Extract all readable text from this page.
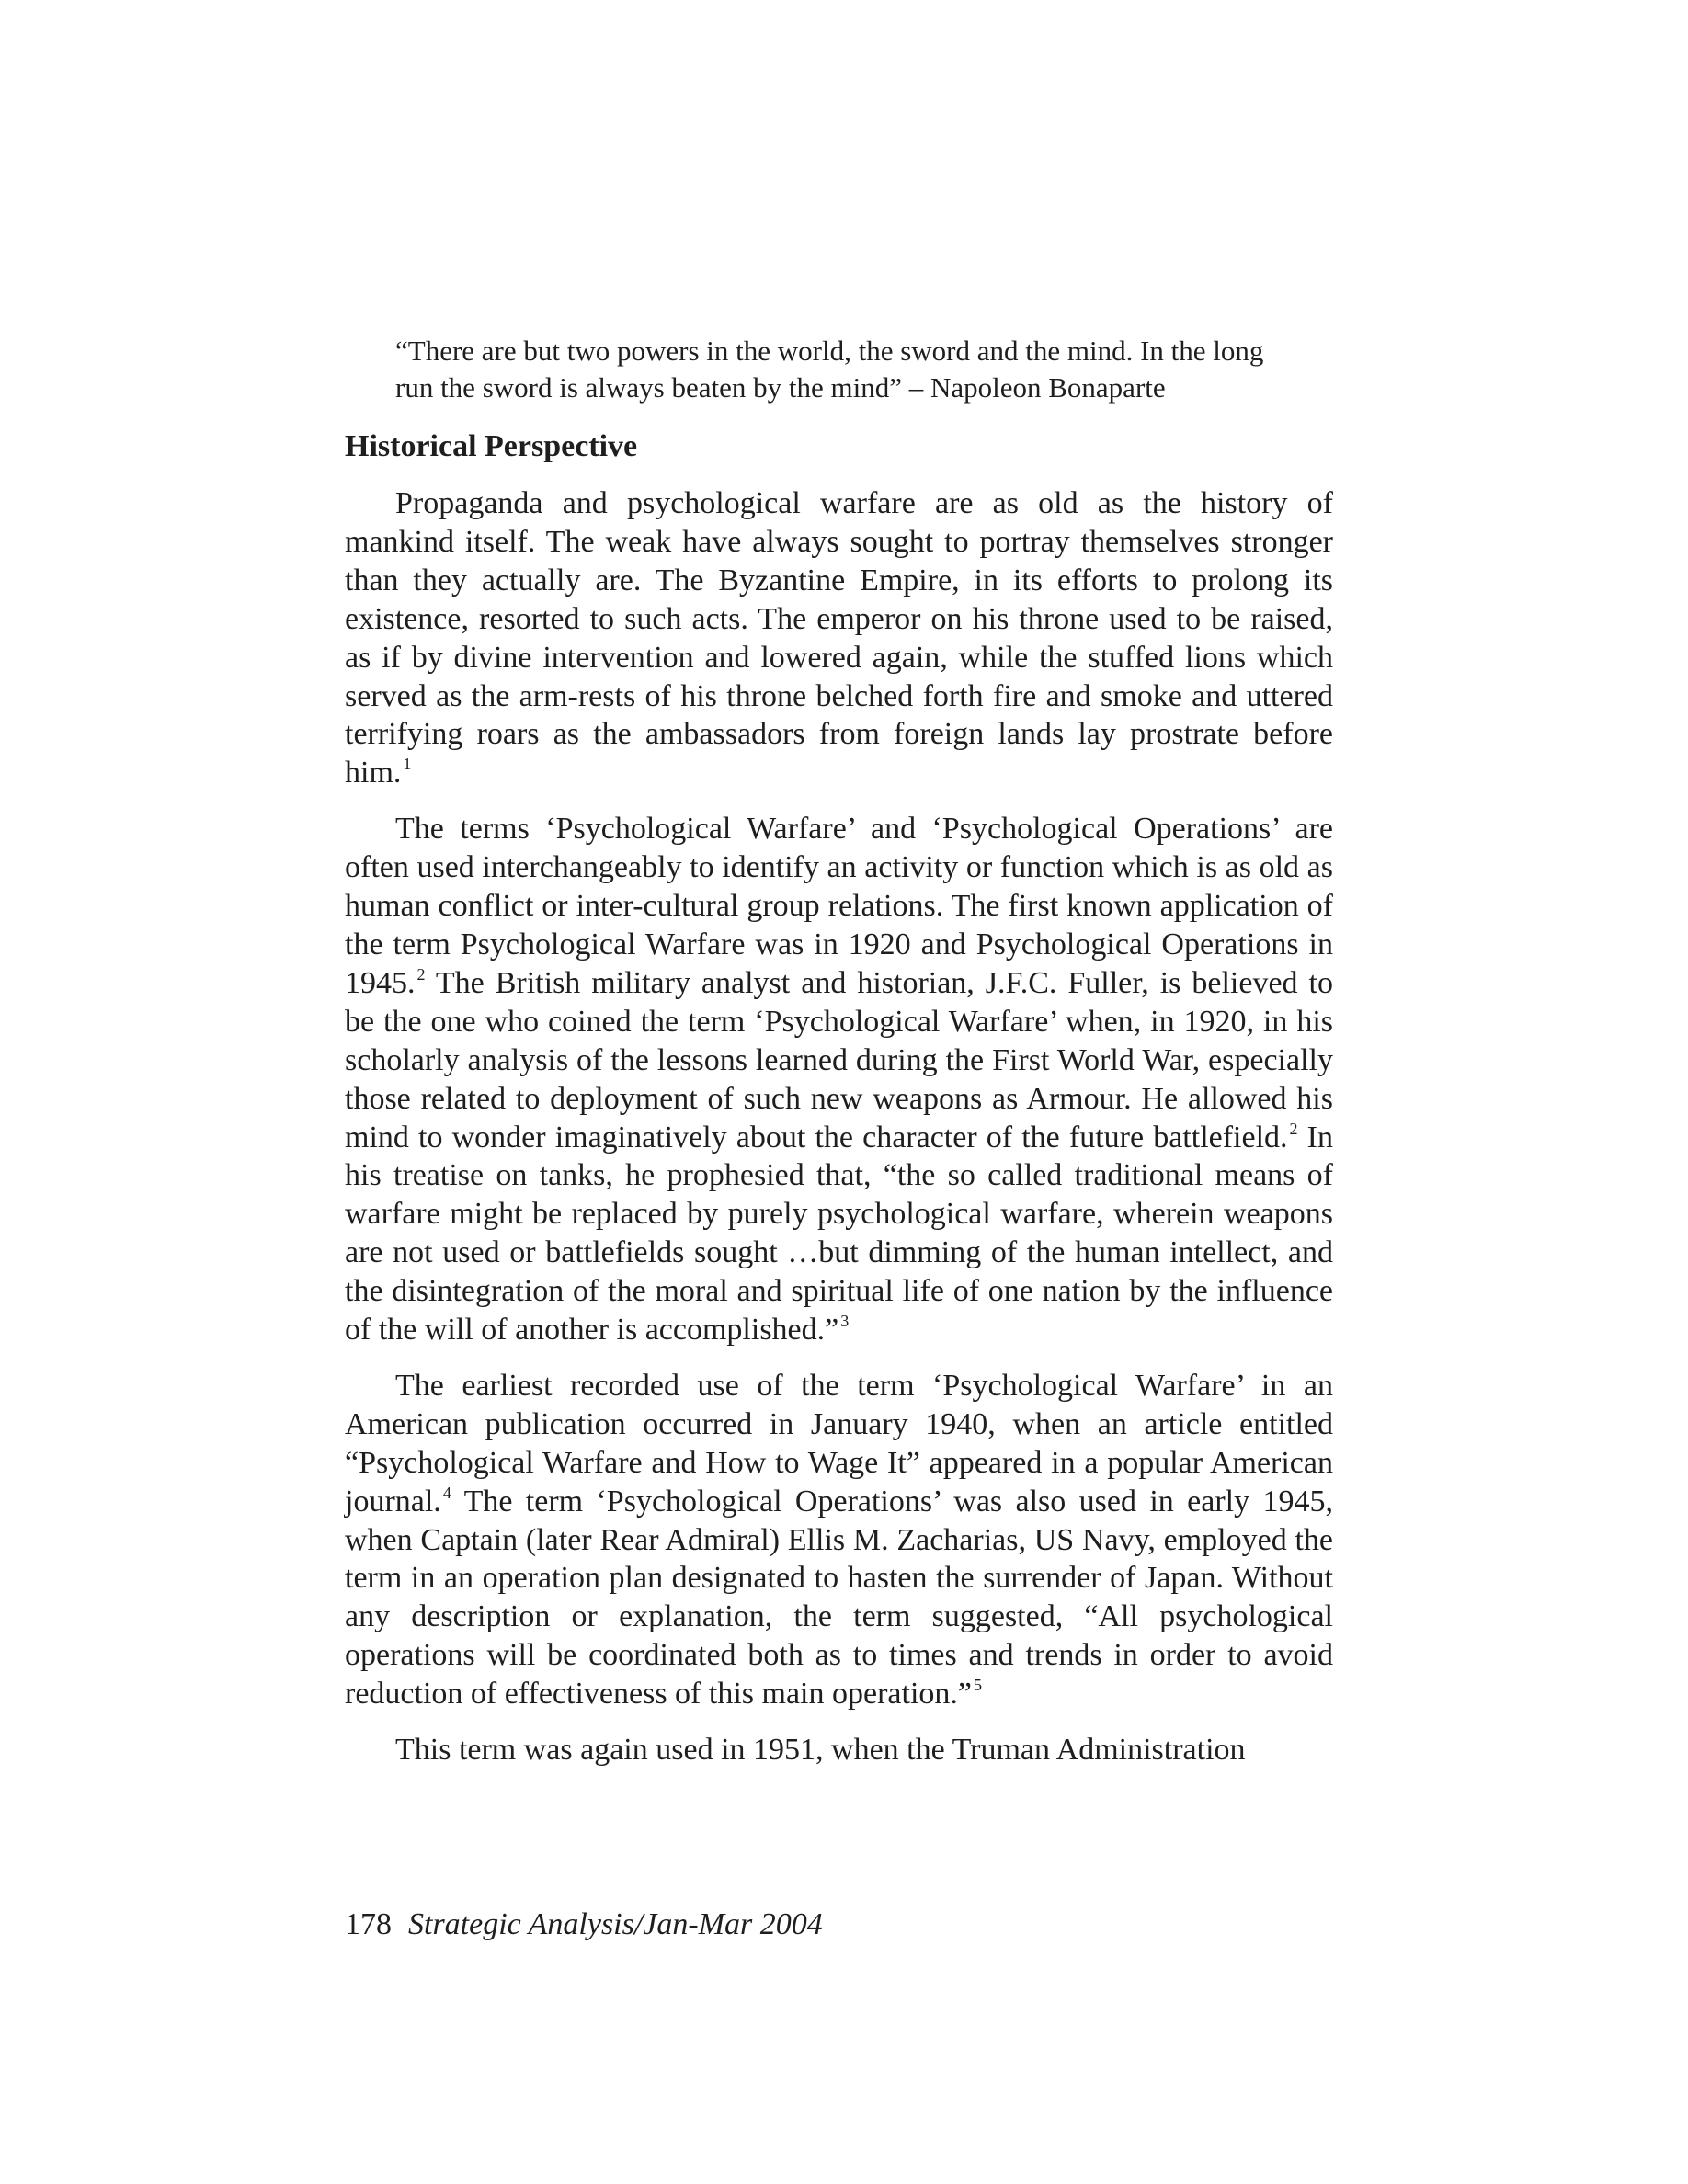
“There are but two powers in the world, the sword and the mind. In the long run the sword is always beaten by the mind” – Napoleon Bonaparte

Historical Perspective

Propaganda and psychological warfare are as old as the history of mankind itself. The weak have always sought to portray themselves stronger than they actually are. The Byzantine Empire, in its efforts to prolong its existence, resorted to such acts. The emperor on his throne used to be raised, as if by divine intervention and lowered again, while the stuffed lions which served as the arm-rests of his throne belched forth fire and smoke and uttered terrifying roars as the ambassadors from foreign lands lay prostrate before him. $^1$

The terms ‘Psychological Warfare’ and ‘Psychological Operations’ are often used interchangeably to identify an activity or function which is as old as human conflict or inter-cultural group relations. The first known application of the term Psychological Warfare was in 1920 and Psychological Operations in 1945. $^2$ The British military analyst and historian, J.F.C. Fuller, is believed to be the one who coined the term ‘Psychological Warfare’ when, in 1920, in his scholarly analysis of the lessons learned during the First World War, especially those related to deployment of such new weapons as Armour. He allowed his mind to wonder imaginatively about the character of the future battlefield. $^2$ In his treatise on tanks, he prophesied that, “the so called traditional means of warfare might be replaced by purely psychological warfare, wherein weapons are not used or battlefields sought …but dimming of the human intellect, and the disintegration of the moral and spiritual life of one nation by the influence of the will of another is accomplished.” $^3$

The earliest recorded use of the term ‘Psychological Warfare’ in an American publication occurred in January 1940, when an article entitled “Psychological Warfare and How to Wage It” appeared in a popular American journal. $^4$ The term ‘Psychological Operations’ was also used in early 1945, when Captain (later Rear Admiral) Ellis M. Zacharias, US Navy, employed the term in an operation plan designated to hasten the surrender of Japan. Without any description or explanation, the term suggested, “All psychological operations will be coordinated both as to times and trends in order to avoid reduction of effectiveness of this main operation.” $^5$

This term was again used in 1951, when the Truman Administration

178 Strategic Analysis/Jan-Mar 2004
